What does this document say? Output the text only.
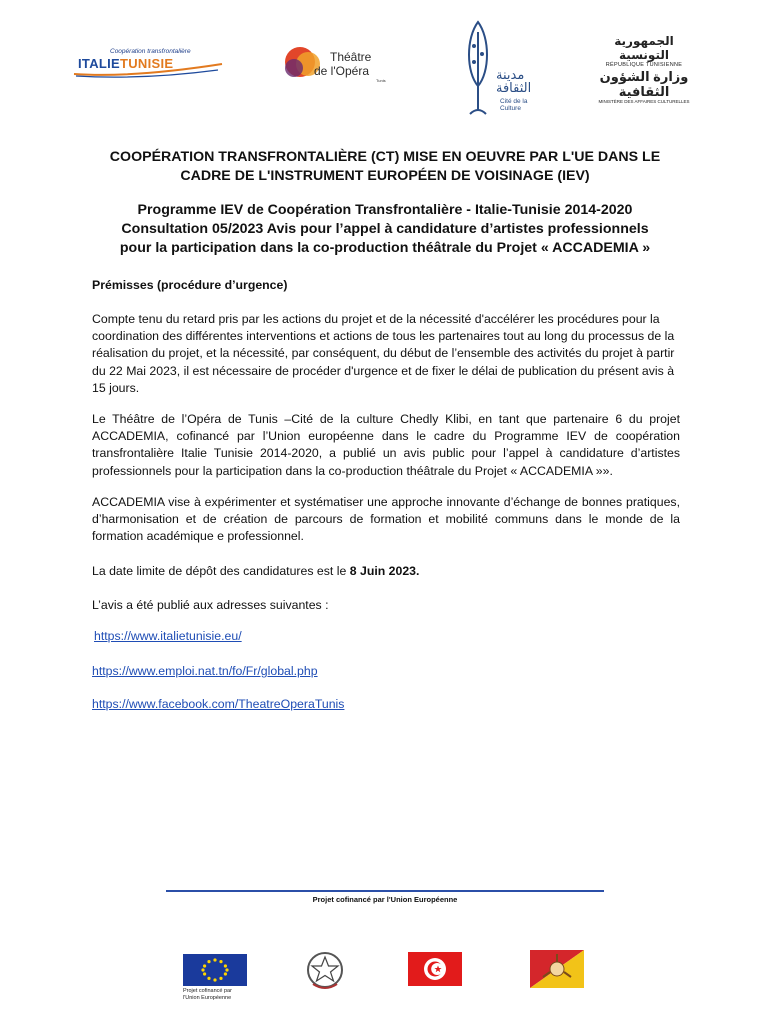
Coopération transfrontalière
ITALIETUNISIE	Théâtre
de l'Opéra
Tunis	مدينة الثقافة
Cité de la
Culture
الجمهورية التونسية
RÉPUBLIQUE TUNISIENNE
وزارة الشؤون الثقافية
MINISTÈRE DES AFFAIRES CULTURELLES
COOPÉRATION TRANSFRONTALIÈRE (CT) MISE EN OEUVRE PAR L'UE DANS LE
CADRE DE L'INSTRUMENT EUROPÉEN DE VOISINAGE (IEV)
Programme IEV de Coopération Transfrontalière - Italie-Tunisie 2014-2020
Consultation 05/2023 Avis pour l’appel à candidature d’artistes professionnels
pour la participation dans la co-production théâtrale du Projet « ACCADEMIA »
Prémisses (procédure d’urgence)
Compte tenu du retard pris par les actions du projet et de la nécessité d'accélérer les procédures pour la coordination des différentes interventions et actions de tous les partenaires tout au long du processus de la réalisation du projet, et la nécessité, par conséquent, du début de l’ensemble des activités du projet à partir du 22 Mai 2023, il est nécessaire de procéder d'urgence et de fixer le délai de publication du présent avis à 15 jours.
Le Théâtre de l’Opéra de Tunis –Cité de la culture Chedly Klibi, en tant que partenaire 6 du projet ACCADEMIA, cofinancé par l’Union européenne dans le cadre du Programme IEV de coopération transfrontalière Italie Tunisie 2014-2020, a publié un avis public pour l’appel à candidature d’artistes professionnels pour la participation dans la co-production théâtrale du Projet « ACCADEMIA »».
ACCADEMIA vise à expérimenter et systématiser une approche innovante d’échange de bonnes pratiques, d’harmonisation et de création de parcours de formation et mobilité communs dans le monde de la formation académique e professionnel.
La date limite de dépôt des candidatures est le 8 Juin 2023.
L’avis a été publié aux adresses suivantes :
https://www.italietunisie.eu/
https://www.emploi.nat.tn/fo/Fr/global.php
https://www.facebook.com/TheatreOperaTunis
Projet cofinancé par l'Union Européenne
Projet cofinancé par
l'Union Européenne
